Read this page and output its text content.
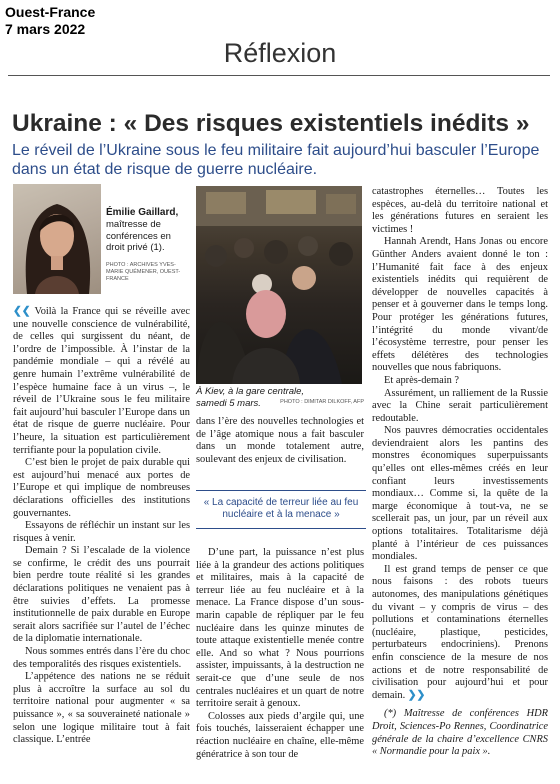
Ouest-France
7 mars 2022
Réflexion
Ukraine : « Des risques existentiels inédits »
Le réveil de l’Ukraine sous le feu militaire fait aujourd’hui basculer l’Europe dans un état de risque de guerre nucléaire.
Émilie Gaillard,
maîtresse de conférences en droit privé (1).
PHOTO : ARCHIVES YVES-MARIE QUÉMENER, OUEST-FRANCE

❮❮ Voilà la France qui se réveille avec une nouvelle conscience de vulnérabilité, de celles qui surgissent du néant, de l’ordre de l’impossible. À l’instar de la pandémie mondiale – qui a révélé au genre humain l’extrême vulnérabilité de l’espèce humaine face à un virus –, le réveil de l’Ukraine sous le feu militaire fait aujourd’hui basculer l’Europe dans un état de risque de guerre nucléaire. Pour l’heure, la situation est particulièrement terrifiante pour la population civile.

C’est bien le projet de paix durable qui est aujourd’hui menacé aux portes de l’Europe et qui implique de nombreuses déclarations officielles des institutions gouvernantes.

Essayons de réfléchir un instant sur les risques à venir.

Demain ? Si l’escalade de la violence se confirme, le crédit des uns pourrait bien perdre toute réalité si les grandes déclarations politiques ne venaient pas à être suivies d’effets. La promesse institutionnelle de paix durable en Europe serait alors sacrifiée sur l’autel de l’échec de la diplomatie internationale.

Nous sommes entrés dans l’ère du choc des temporalités des risques existentiels.

L’appétence des nations ne se réduit plus à accroître la surface au sol du territoire national pour augmenter « sa puissance », « sa souveraineté nationale » selon une logique militaire tout à fait classique. L’entrée

À Kiev, à la gare centrale, samedi 5 mars.	PHOTO : DIMITAR DILKOFF, AFP

dans l’ère des nouvelles technologies et de l’âge atomique nous a fait basculer dans un monde totalement autre, soulevant des enjeux de civilisation.

« La capacité de terreur liée au feu nucléaire et à la menace »

D’une part, la puissance n’est plus liée à la grandeur des actions politiques et militaires, mais à la capacité de terreur liée au feu nucléaire et à la menace. La France dispose d’un sous-marin capable de répliquer par le feu nucléaire dans les quinze minutes de toute attaque existentielle menée contre elle. And so what ? Nous pourrions assister, impuissants, à la destruction ne serait-ce que d’une seule de nos centrales nucléaires et un quart de notre territoire serait à genoux.

Colosses aux pieds d’argile qui, une fois touchés, laisseraient échapper une réaction nucléaire en chaîne, elle-même génératrice à son tour de

catastrophes éternelles… Toutes les espèces, au-delà du territoire national et les générations futures en seraient les victimes !

Hannah Arendt, Hans Jonas ou encore Günther Anders avaient donné le ton : l’Humanité fait face à des enjeux existentiels inédits qui requièrent de développer de nouvelles capacités à penser et à gouverner dans le temps long. Pour protéger les générations futures, l’intégrité du monde vivant/de l’écosystème terrestre, pour penser les effets délétères des technologies nouvelles que nous fabriquons.

Et après-demain ?

Assurément, un ralliement de la Russie avec la Chine serait particulièrement redoutable.

Nos pauvres démocraties occidentales deviendraient alors les pantins des monstres économiques superpuissants qu’elles ont elles-mêmes créés en leur confiant leurs investissements mondiaux… Comme si, la quête de la marge économique à tout-va, ne se scellerait pas, un jour, par un réveil aux options totalitaires. Totalitarisme déjà planté à l’intérieur de ces puissances mondiales.

Il est grand temps de penser ce que nous faisons : des robots tueurs autonomes, des manipulations génétiques du vivant – y compris de virus – des pollutions et contaminations éternelles (nucléaire, plastique, pesticides, perturbateurs endocriniens). Prenons enfin conscience de la mesure de nos actions et de notre responsabilité de civilisation pour aujourd’hui et pour demain. ❯❯

(*) Maîtresse de conférences HDR Droit, Sciences-Po Rennes, Coordinatrice générale de la chaire d’excellence CNRS « Normandie pour la paix ».
